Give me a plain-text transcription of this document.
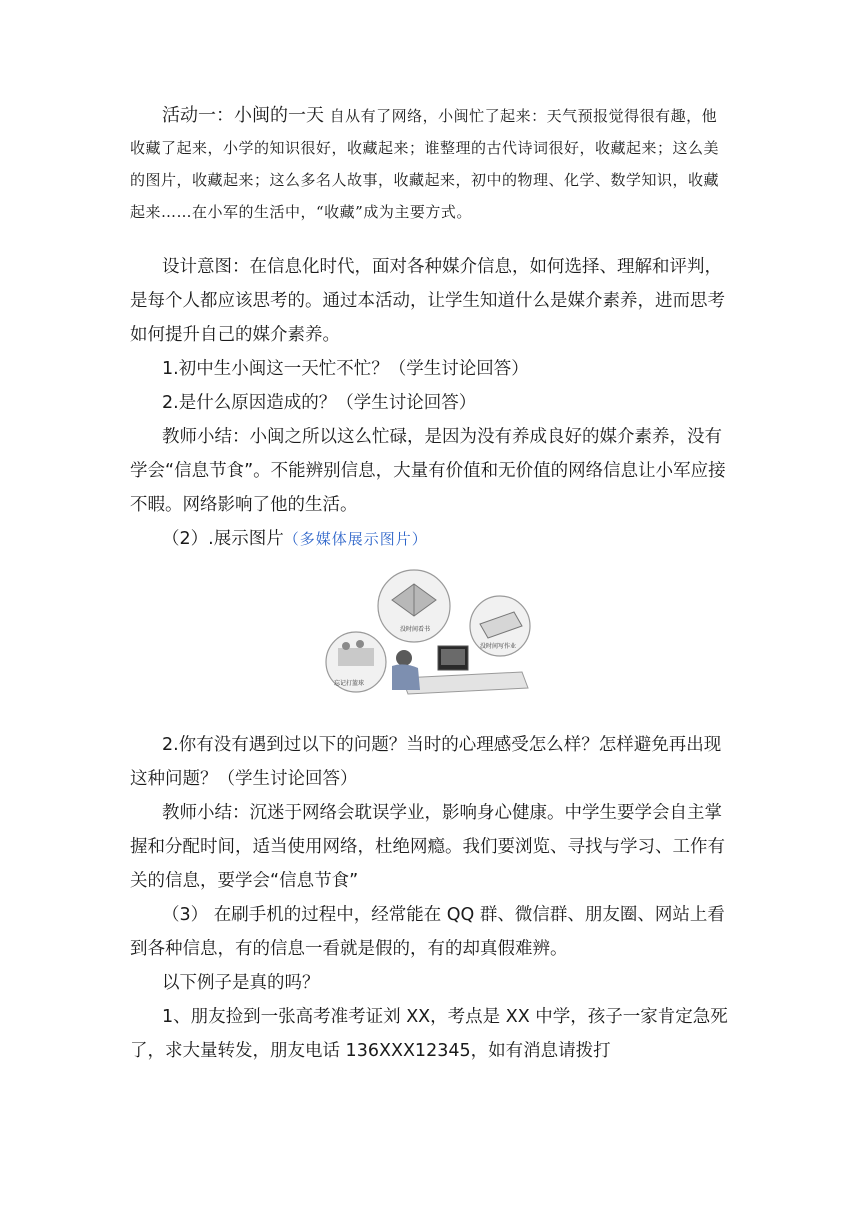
活动一：小闽的一天 自从有了网络，小闽忙了起来：天气预报觉得很有趣，他收藏了起来，小学的知识很好，收藏起来；谁整理的古代诗词很好，收藏起来；这么美的图片，收藏起来；这么多名人故事，收藏起来，初中的物理、化学、数学知识，收藏起来……在小军的生活中，“收藏”成为主要方式。

设计意图：在信息化时代，面对各种媒介信息，如何选择、理解和评判，是每个人都应该思考的。通过本活动，让学生知道什么是媒介素养，进而思考如何提升自己的媒介素养。

1.初中生小闽这一天忙不忙？（学生讨论回答）

2.是什么原因造成的？（学生讨论回答）

教师小结：小闽之所以这么忙碌，是因为没有养成良好的媒介素养，没有学会“信息节食”。不能辨别信息，大量有价值和无价值的网络信息让小军应接不暇。网络影响了他的生活。

（2）.展示图片（多媒体展示图片）

忘记打篮球
没时间看书
没时间写作业

2.你有没有遇到过以下的问题？当时的心理感受怎么样？怎样避免再出现这种问题？（学生讨论回答）

教师小结：沉迷于网络会耽误学业，影响身心健康。中学生要学会自主掌握和分配时间，适当使用网络，杜绝网瘾。我们要浏览、寻找与学习、工作有关的信息，要学会“信息节食”

（3） 在刷手机的过程中，经常能在 QQ 群、微信群、朋友圈、网站上看到各种信息，有的信息一看就是假的，有的却真假难辨。

以下例子是真的吗？

1、朋友捡到一张高考准考证刘 XX，考点是 XX 中学，孩子一家肯定急死了，求大量转发，朋友电话 136XXX12345，如有消息请拨打
